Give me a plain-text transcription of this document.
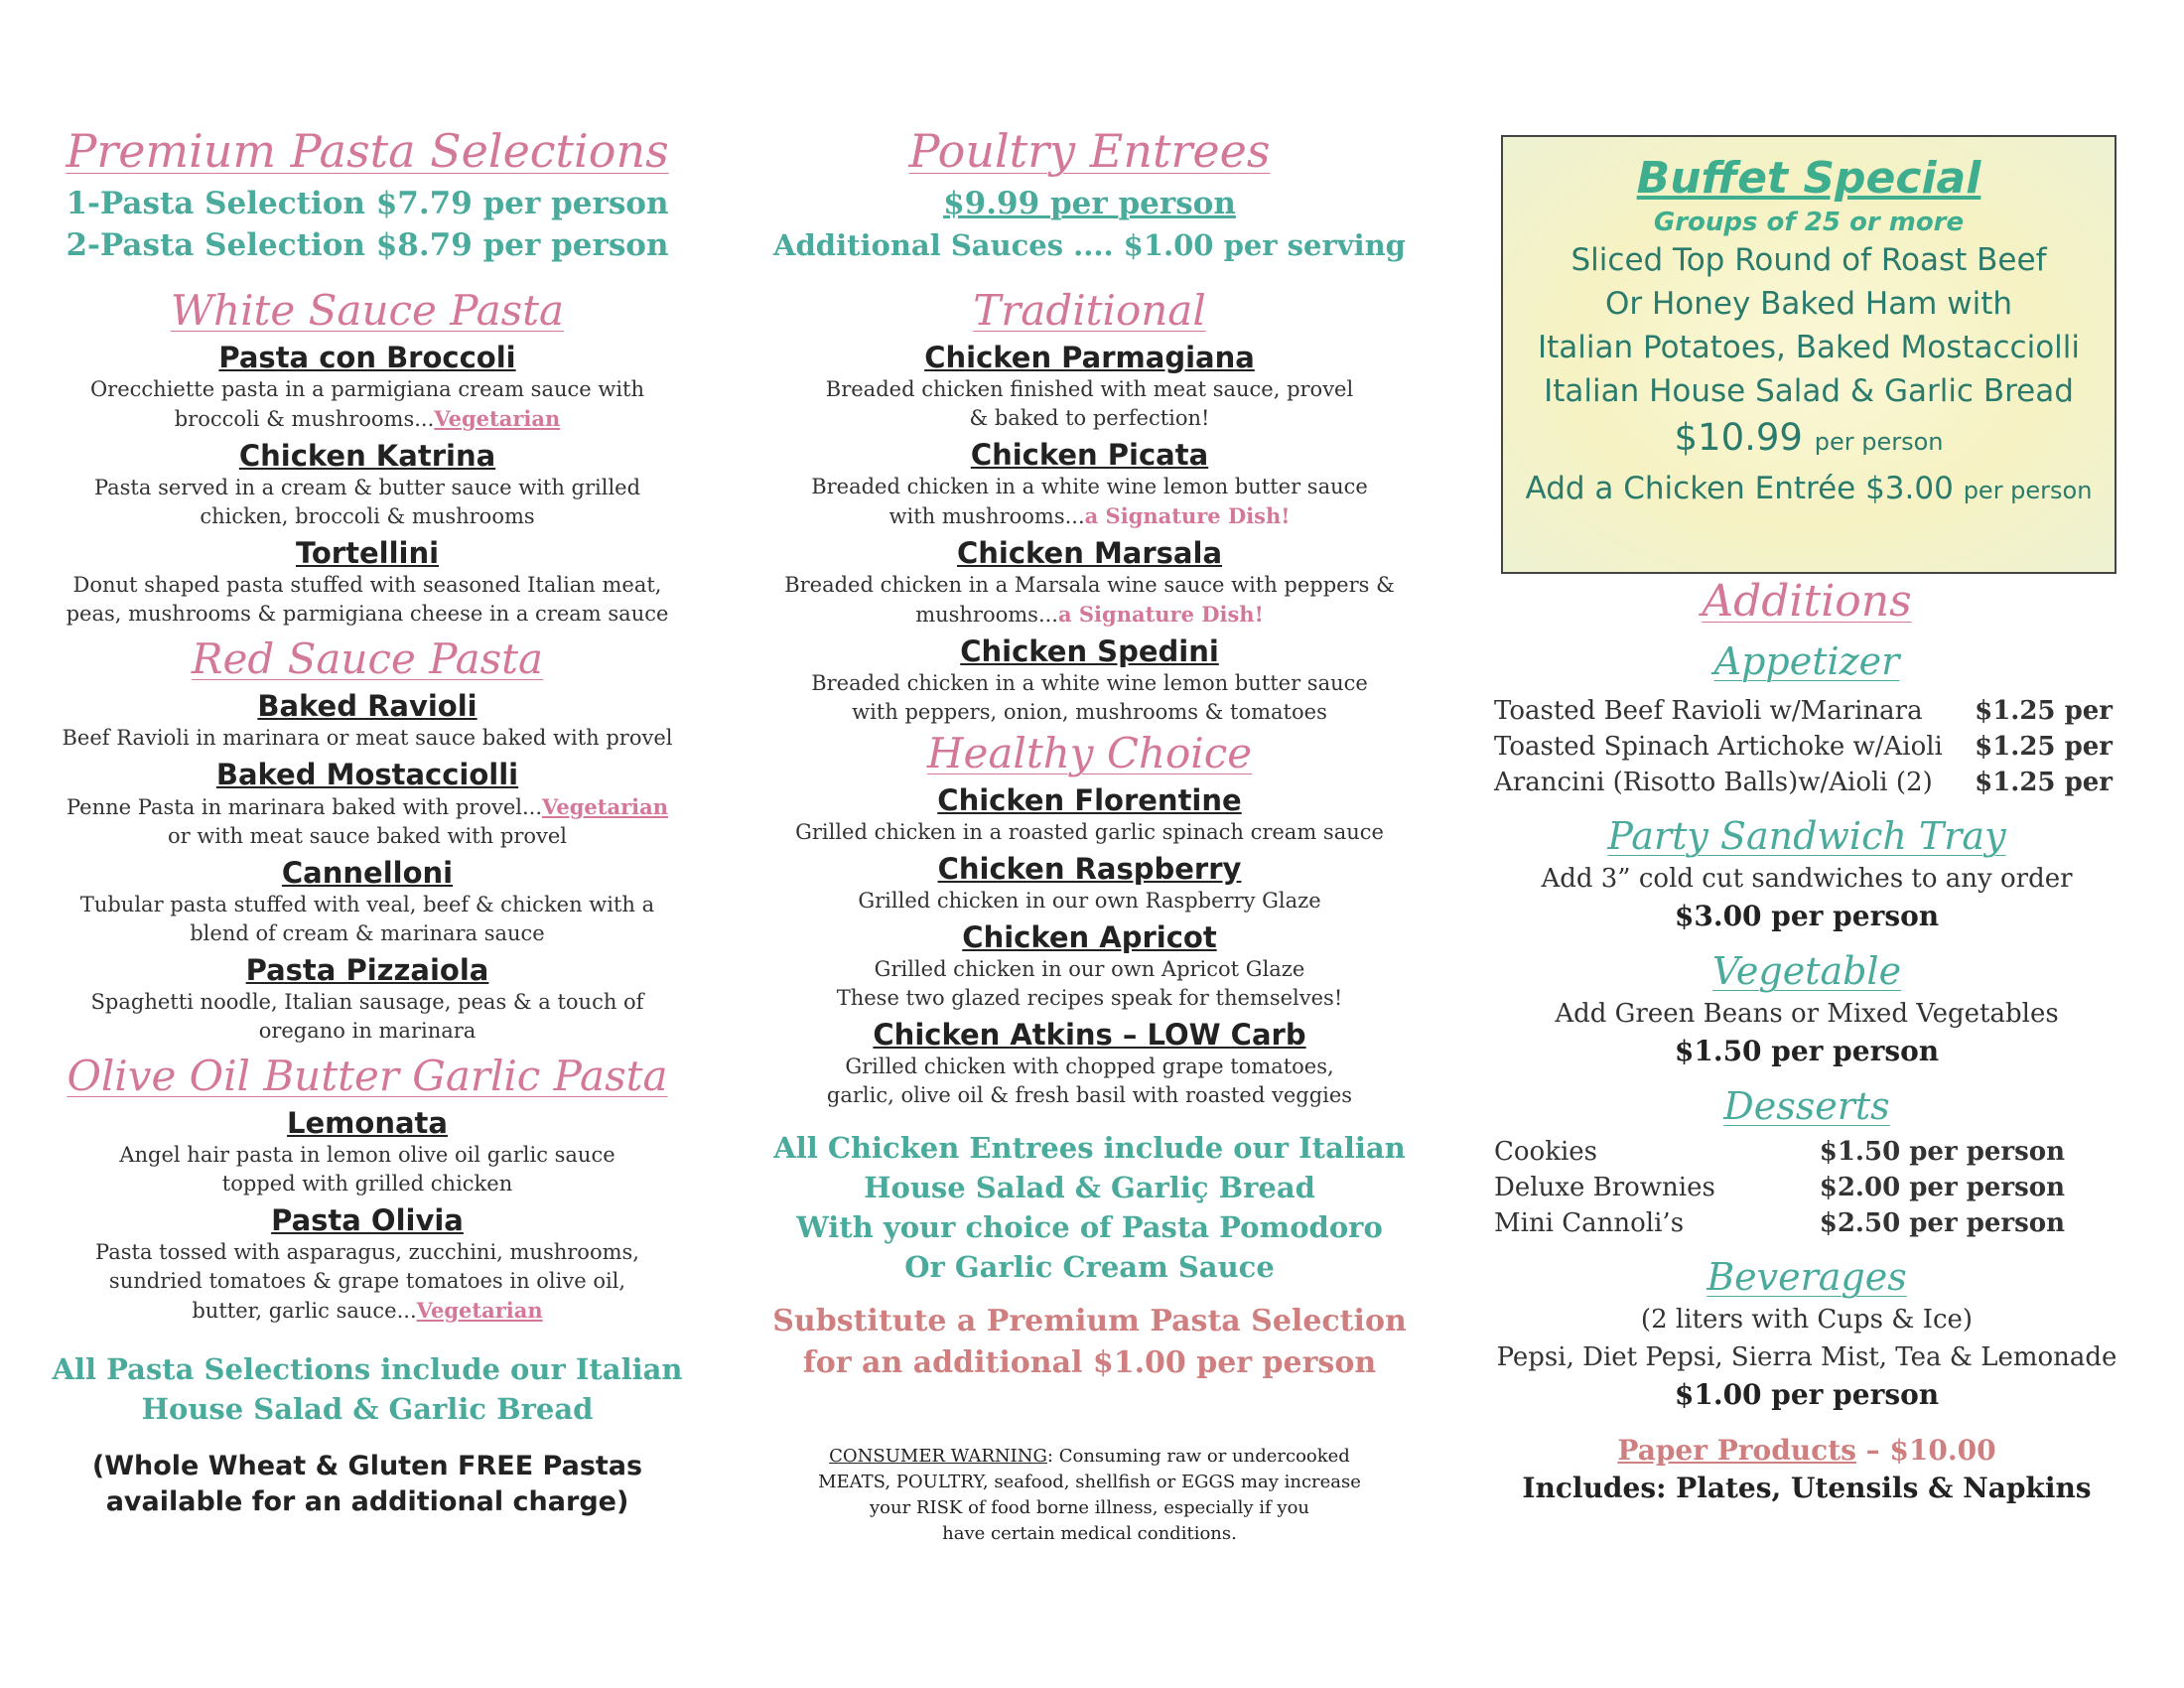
Premium Pasta Selections
1-Pasta Selection $7.79 per person
2-Pasta Selection $8.79 per person
White Sauce Pasta
Pasta con Broccoli
Orecchiette pasta in a parmigiana cream sauce with
broccoli & mushrooms...Vegetarian
Chicken Katrina
Pasta served in a cream & butter sauce with grilled
chicken, broccoli & mushrooms
Tortellini
Donut shaped pasta stuffed with seasoned Italian meat,
peas, mushrooms & parmigiana cheese in a cream sauce
Red Sauce Pasta
Baked Ravioli
Beef Ravioli in marinara or meat sauce baked with provel
Baked Mostacciolli
Penne Pasta in marinara baked with provel...Vegetarian
or with meat sauce baked with provel
Cannelloni
Tubular pasta stuffed with veal, beef & chicken with a
blend of cream & marinara sauce
Pasta Pizzaiola
Spaghetti noodle, Italian sausage, peas & a touch of
oregano in marinara
Olive Oil Butter Garlic Pasta
Lemonata
Angel hair pasta in lemon olive oil garlic sauce
topped with grilled chicken
Pasta Olivia
Pasta tossed with asparagus, zucchini, mushrooms,
sundried tomatoes & grape tomatoes in olive oil,
butter, garlic sauce...Vegetarian
All Pasta Selections include our Italian
House Salad & Garlic Bread
(Whole Wheat & Gluten FREE Pastas
available for an additional charge)
Poultry Entrees
$9.99 per person
Additional Sauces .... $1.00 per serving
Traditional
Chicken Parmagiana
Breaded chicken finished with meat sauce, provel
& baked to perfection!
Chicken Picata
Breaded chicken in a white wine lemon butter sauce
with mushrooms...a Signature Dish!
Chicken Marsala
Breaded chicken in a Marsala wine sauce with peppers &
mushrooms...a Signature Dish!
Chicken Spedini
Breaded chicken in a white wine lemon butter sauce
with peppers, onion, mushrooms & tomatoes
Healthy Choice
Chicken Florentine
Grilled chicken in a roasted garlic spinach cream sauce
Chicken Raspberry
Grilled chicken in our own Raspberry Glaze
Chicken Apricot
Grilled chicken in our own Apricot Glaze
These two glazed recipes speak for themselves!
Chicken Atkins – LOW Carb
Grilled chicken with chopped grape tomatoes,
garlic, olive oil & fresh basil with roasted veggies
All Chicken Entrees include our Italian
House Salad & Garliç Bread
With your choice of Pasta Pomodoro
Or Garlic Cream Sauce
Substitute a Premium Pasta Selection
for an additional $1.00 per person
CONSUMER WARNING: Consuming raw or undercooked
MEATS, POULTRY, seafood, shellfish or EGGS may increase
your RISK of food borne illness, especially if you
have certain medical conditions.
Buffet Special
Groups of 25 or more
Sliced Top Round of Roast Beef
Or Honey Baked Ham with
Italian Potatoes, Baked Mostacciolli
Italian House Salad & Garlic Bread
$10.99 per person
Add a Chicken Entrée $3.00 per person
Additions
Appetizer
Toasted Beef Ravioli w/Marinara $1.25 per
Toasted Spinach Artichoke w/Aioli $1.25 per
Arancini (Risotto Balls)w/Aioli (2) $1.25 per
Party Sandwich Tray
Add 3” cold cut sandwiches to any order
$3.00 per person
Vegetable
Add Green Beans or Mixed Vegetables
$1.50 per person
Desserts
Cookies	$1.50 per person
Deluxe Brownies	$2.00 per person
Mini Cannoli’s	$2.50 per person
Beverages
(2 liters with Cups & Ice)
Pepsi, Diet Pepsi, Sierra Mist, Tea & Lemonade
$1.00 per person
Paper Products – $10.00
Includes: Plates, Utensils & Napkins
